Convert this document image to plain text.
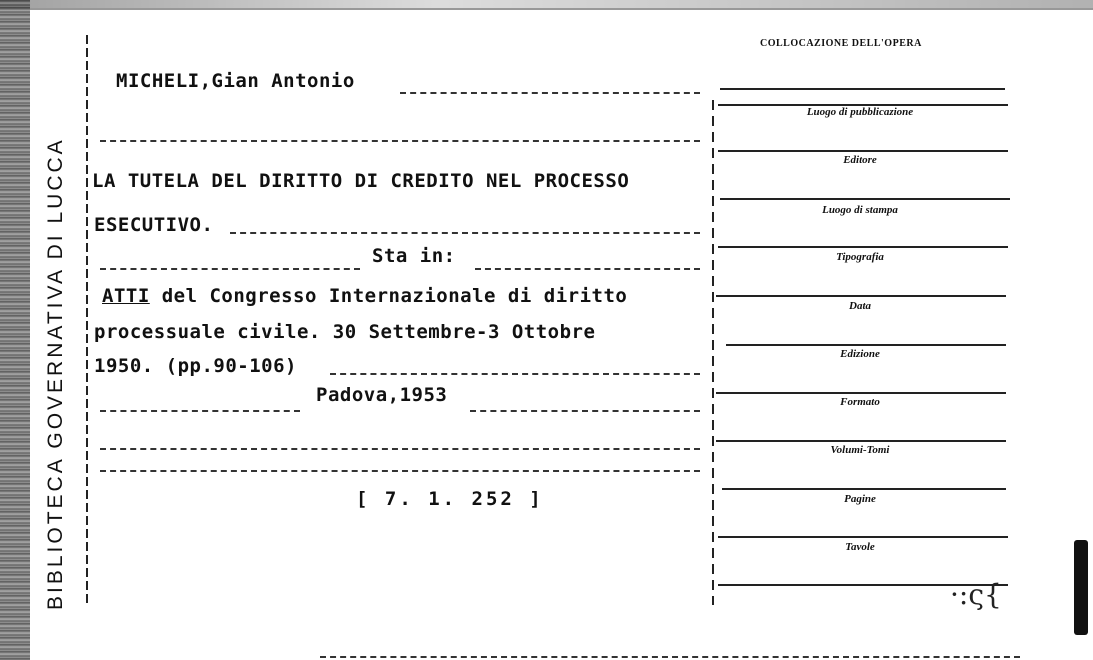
BIBLIOTECA GOVERNATIVA DI LUCCA
MICHELI,Gian Antonio
LA TUTELA DEL DIRITTO DI CREDITO NEL PROCESSO
ESECUTIVO.
Sta in:
ATTI del Congresso Internazionale di diritto
processuale civile. 30 Settembre-3 Ottobre
1950. (pp.90-106)
Padova,1953
[ 7. 1. 252 ]
COLLOCAZIONE DELL'OPERA
Luogo di pubblicazione
Editore
Luogo di stampa
Tipografia
Data
Edizione
Formato
Volumi-Tomi
Pagine
Tavole
·:ς{
